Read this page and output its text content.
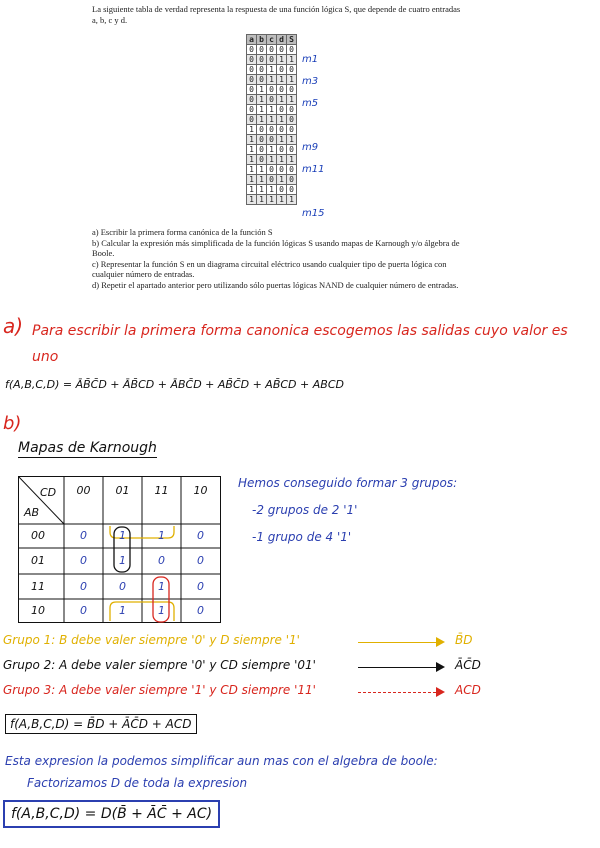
La siguiente tabla de verdad representa la respuesta de una función lógica S, que depende de cuatro entradas a, b, c y d.
a	b	c	d	S
0	0	0	0	0
0	0	0	1	1
0	0	1	0	0
0	0	1	1	1
0	1	0	0	0
0	1	0	1	1
0	1	1	0	0
0	1	1	1	0
1	0	0	0	0
1	0	0	1	1
1	0	1	0	0
1	0	1	1	1
1	1	0	0	0
1	1	0	1	0
1	1	1	0	0
1	1	1	1	1
m1
m3
m5
m9
m11
m15

a) Escribir la primera forma canónica de la función S

b) Calcular la expresión más simplificada de la función lógicas S usando mapas de Karnough y/o álgebra de Boole.

c) Representar la función S en un diagrama circuital eléctrico usando cualquier tipo de puerta lógica con cualquier número de entradas.

d) Repetir el apartado anterior pero utilizando sólo puertas lógicas NAND de cualquier número de entradas.

a) Para escribir la primera forma canonica escogemos las salidas cuyo valor es uno
f(A,B,C,D) = ĀB̄C̄D + ĀB̄CD + ĀBC̄D + AB̄C̄D + AB̄CD + ABCD
b)
Mapas de Karnough
CD
AB
00	01	11	10
00
01
11
10
0	1	1	0
0	1	0	0
0	0	1	0
0	1	1	0
Hemos conseguido formar 3 grupos:
-2 grupos de 2 '1'
-1 grupo de 4 '1'
Grupo 1: B debe valer siempre '0' y D siempre '1'	B̄D
Grupo 2: A debe valer siempre '0' y CD siempre '01'	ĀC̄D
Grupo 3: A debe valer siempre '1' y CD siempre '11'	ACD
f(A,B,C,D) = B̄D + ĀC̄D + ACD
Esta expresion la podemos simplificar aun mas con el algebra de boole:
Factorizamos D de toda la expresion
f(A,B,C,D) = D(B̄ + ĀC̄ + AC)
